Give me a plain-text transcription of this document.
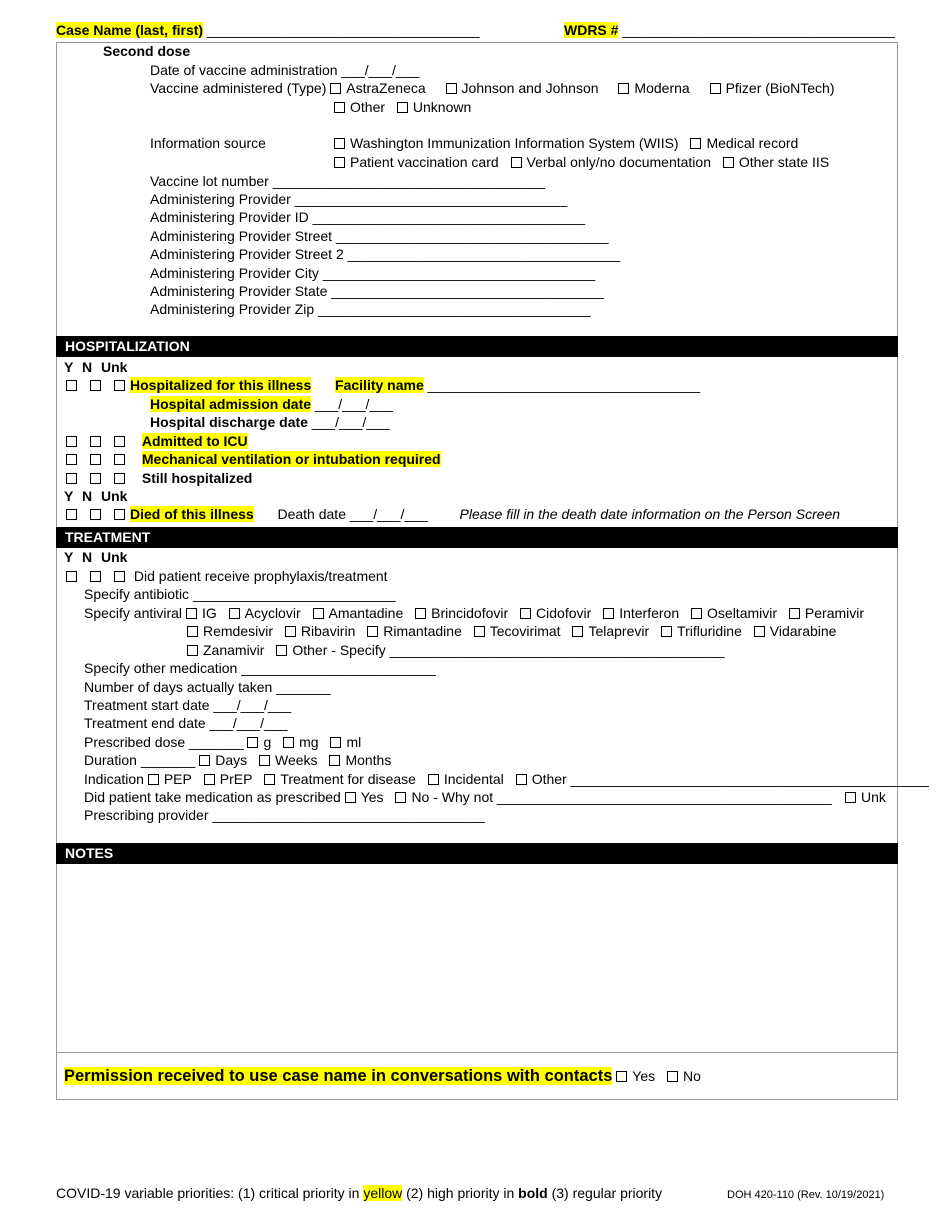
Case Name (last, first) ___________________________________	WDRS # ___________________________________
Second dose
Date of vaccine administration ___/___/___
Vaccine administered (Type) AstraZeneca	Johnson and Johnson	Moderna	Pfizer (BioNTech)
Other Unknown
Information source	Washington Immunization Information System (WIIS) Medical record
Patient vaccination card Verbal only/no documentation Other state IIS
Vaccine lot number ___________________________________
Administering Provider ___________________________________
Administering Provider ID ___________________________________
Administering Provider Street ___________________________________
Administering Provider Street 2 ___________________________________
Administering Provider City ___________________________________
Administering Provider State ___________________________________
Administering Provider Zip ___________________________________
HOSPITALIZATION
Y N Unk
Hospitalized for this illness Facility name ___________________________________
Hospital admission date ___/___/___
Hospital discharge date ___/___/___
Admitted to ICU
Mechanical ventilation or intubation required
Still hospitalized
Y N Unk
Died of this illness Death date ___/___/___ Please fill in the death date information on the Person Screen
TREATMENT
Y N Unk
Did patient receive prophylaxis/treatment
Specify antibiotic __________________________
Specify antiviral IG Acyclovir Amantadine Brincidofovir Cidofovir Interferon Oseltamivir Peramivir
Remdesivir Ribavirin Rimantadine Tecovirimat Telaprevir Trifluridine Vidarabine
Zanamivir Other - Specify ___________________________________________
Specify other medication _________________________
Number of days actually taken _______
Treatment start date ___/___/___
Treatment end date ___/___/___
Prescribed dose _______ g mg ml
Duration _______ Days Weeks Months
Indication PEP PrEP Treatment for disease Incidental Other ______________________________________________
Did patient take medication as prescribed Yes No - Why not ___________________________________________	Unk
Prescribing provider ___________________________________
NOTES
Permission received to use case name in conversations with contacts Yes No
COVID-19 variable priorities: (1) critical priority in yellow (2) high priority in bold (3) regular priority	DOH 420-110 (Rev. 10/19/2021)
